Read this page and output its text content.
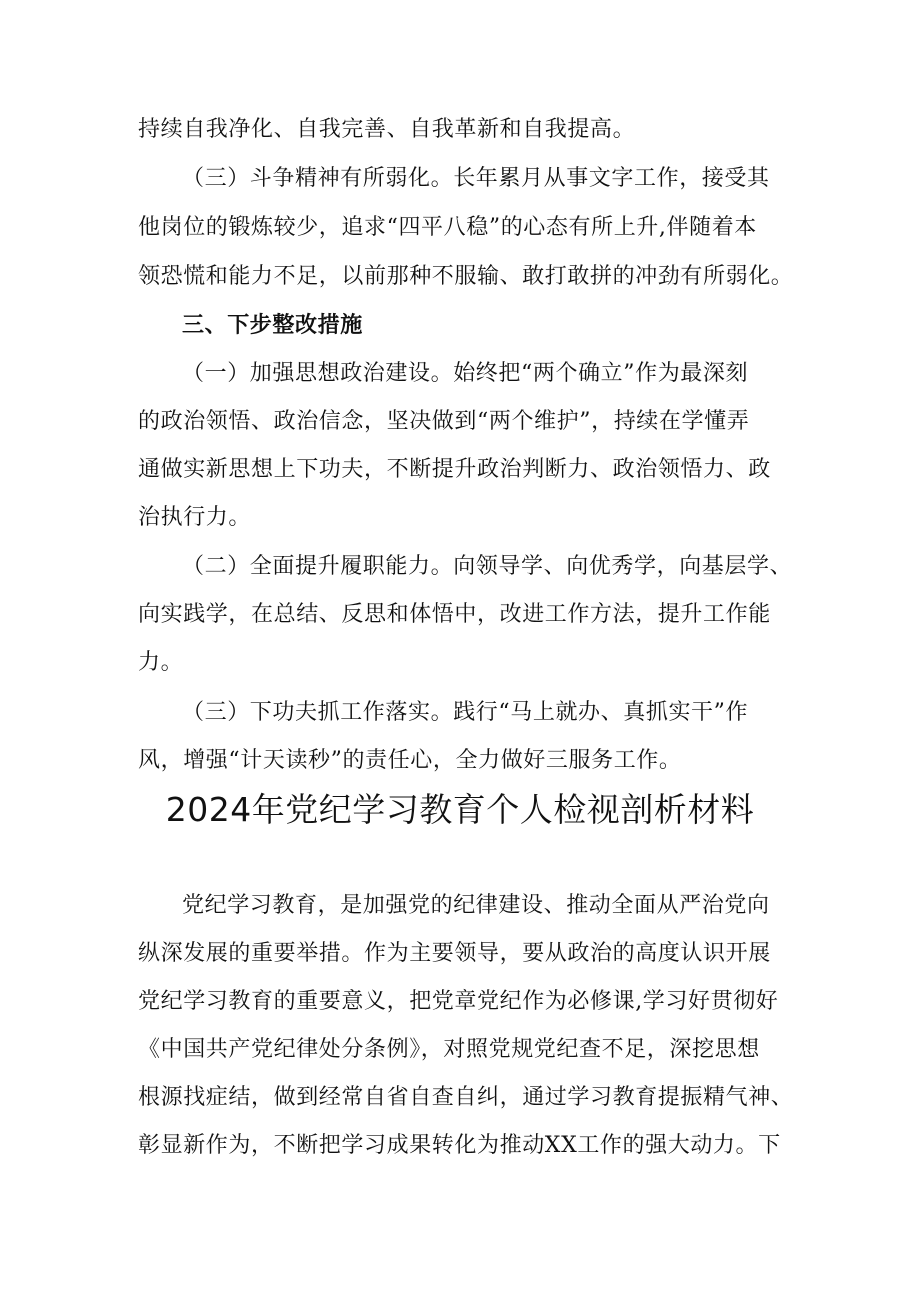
持续自我净化、自我完善、自我革新和自我提高。
（三）斗争精神有所弱化。长年累月从事文字工作，接受其
他岗位的锻炼较少，追求“四平八稳”的心态有所上升,伴随着本
领恐慌和能力不足，以前那种不服输、敢打敢拼的冲劲有所弱化。
三、下步整改措施
（一）加强思想政治建设。始终把“两个确立”作为最深刻
的政治领悟、政治信念，坚决做到“两个维护”，持续在学懂弄
通做实新思想上下功夫，不断提升政治判断力、政治领悟力、政
治执行力。
（二）全面提升履职能力。向领导学、向优秀学，向基层学、
向实践学，在总结、反思和体悟中，改进工作方法，提升工作能
力。
（三）下功夫抓工作落实。践行“马上就办、真抓实干”作
风，增强“计天读秒”的责任心，全力做好三服务工作。
2024年党纪学习教育个人检视剖析材料
党纪学习教育，是加强党的纪律建设、推动全面从严治党向
纵深发展的重要举措。作为主要领导，要从政治的高度认识开展
党纪学习教育的重要意义，把党章党纪作为必修课,学习好贯彻好
《中国共产党纪律处分条例》，对照党规党纪查不足，深挖思想
根源找症结，做到经常自省自查自纠，通过学习教育提振精气神、
彰显新作为，不断把学习成果转化为推动XX工作的强大动力。下
